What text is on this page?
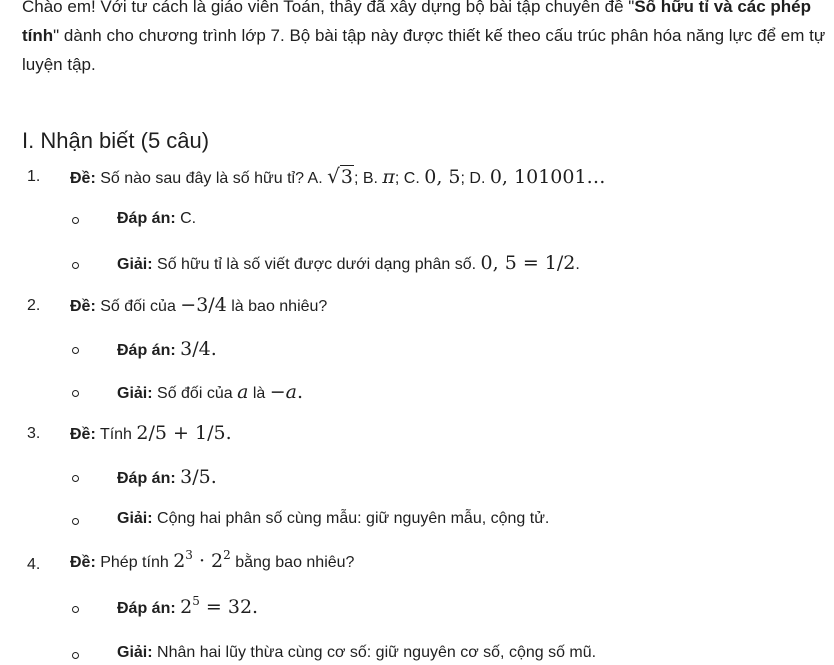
Chào em! Với tư cách là giáo viên Toán, thầy đã xây dựng bộ bài tập chuyên đề "Số hữu tỉ và các phép tính" dành cho chương trình lớp 7. Bộ bài tập này được thiết kế theo cấu trúc phân hóa năng lực để em tự luyện tập.
I. Nhận biết (5 câu)
1. Đề: Số nào sau đây là số hữu tỉ? A. √3; B. π; C. 0, 5; D. 0, 101001…
Đáp án: C.
Giải: Số hữu tỉ là số viết được dưới dạng phân số. 0, 5 = 1/2.
2. Đề: Số đối của −3/4 là bao nhiêu?
Đáp án: 3/4.
Giải: Số đối của a là −a.
3. Đề: Tính 2/5 + 1/5.
Đáp án: 3/5.
Giải: Cộng hai phân số cùng mẫu: giữ nguyên mẫu, cộng tử.
4. Đề: Phép tính $2^3 \cdot 2^2$ bằng bao nhiêu?
Đáp án: $2^5 = 32$.
Giải: Nhân hai lũy thừa cùng cơ số: giữ nguyên cơ số, cộng số mũ.
